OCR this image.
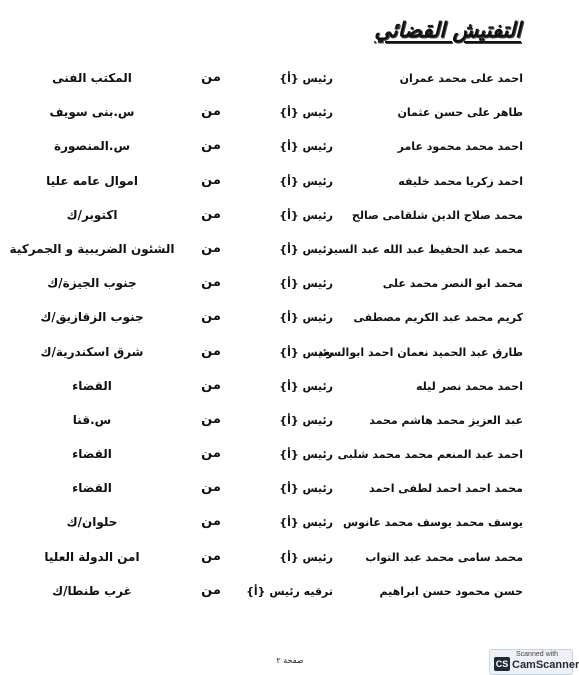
التفتيش القضائي
احمد على محمد عمران
رئيس {أ}
من
المكتب الفنى
طاهر على حسن عثمان
رئيس {أ}
من
س.بنى سويف
احمد محمد محمود عامر
رئيس {أ}
من
س.المنصورة
احمد زكريا محمد خليفه
رئيس {أ}
من
اموال عامه عليا
محمد صلاح الدين شلقامى صالح
رئيس {أ}
من
اكتوبر/ك
محمد عبد الحفيظ عبد الله عبد السيد
رئيس {أ}
من
الشئون الضريبية و الجمركية
محمد ابو النصر محمد على
رئيس {أ}
من
جنوب الجيزة/ك
كريم محمد عبد الكريم مصطفى
رئيس {أ}
من
جنوب الزقازيق/ك
طارق عبد الحميد نعمان احمد ابوالسعد
رئيس {أ}
من
شرق اسكندرية/ك
احمد محمد نصر ليله
رئيس {أ}
من
القضاء
عبد العزيز محمد هاشم محمد
رئيس {أ}
من
س.قنا
احمد عبد المنعم محمد محمد شلبى
رئيس {أ}
من
القضاء
محمد احمد احمد لطفى احمد
رئيس {أ}
من
القضاء
يوسف محمد يوسف محمد عانوس
رئيس {أ}
من
حلوان/ك
محمد سامى محمد عبد التواب
رئيس {أ}
من
امن الدولة العليا
حسن محمود حسن ابراهيم
ترقيه رئيس {أ}
من
غرب طنطا/ك
صفحة ٢
Scanned with
CS CamScanner
